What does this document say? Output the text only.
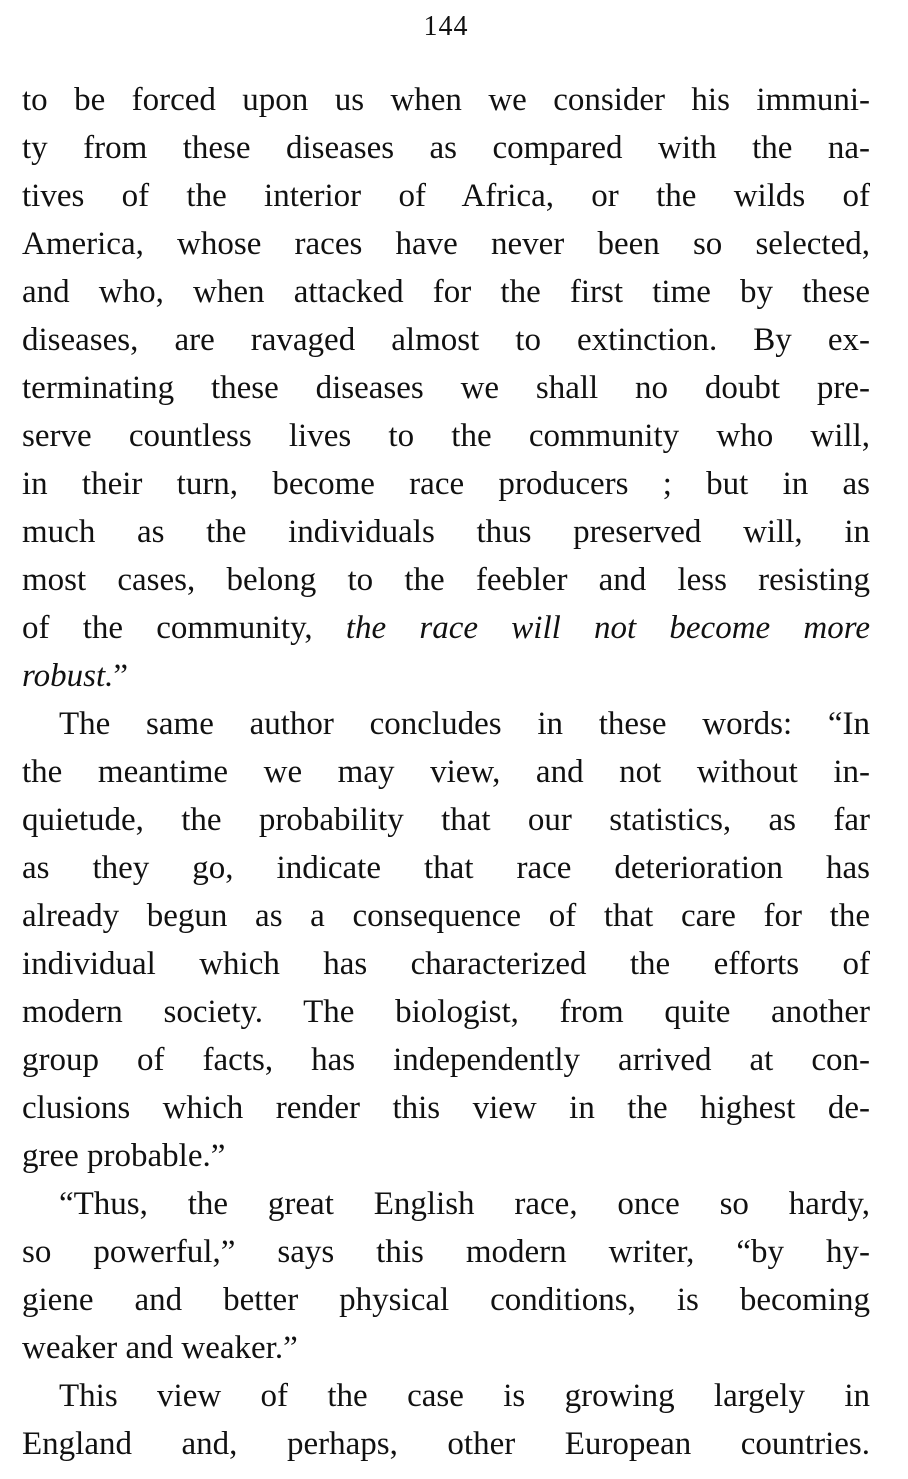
144
to be forced upon us when we consider his immuni-
ty from these diseases as compared with the na-
tives of the interior of Africa, or the wilds of
America, whose races have never been so selected,
and who, when attacked for the first time by these
diseases, are ravaged almost to extinction. By ex-
terminating these diseases we shall no doubt pre-
serve countless lives to the community who will,
in their turn, become race producers ; but in as
much as the individuals thus preserved will, in
most cases, belong to the feebler and less resisting
of the community, the race will not become more
robust.”
The same author concludes in these words: “In
the meantime we may view, and not without in-
quietude, the probability that our statistics, as far
as they go, indicate that race deterioration has
already begun as a consequence of that care for the
individual which has characterized the efforts of
modern society. The biologist, from quite another
group of facts, has independently arrived at con-
clusions which render this view in the highest de-
gree probable.”
“Thus, the great English race, once so hardy,
so powerful,” says this modern writer, “by hy-
giene and better physical conditions, is becoming
weaker and weaker.”
This view of the case is growing largely in
England and, perhaps, other European countries.
